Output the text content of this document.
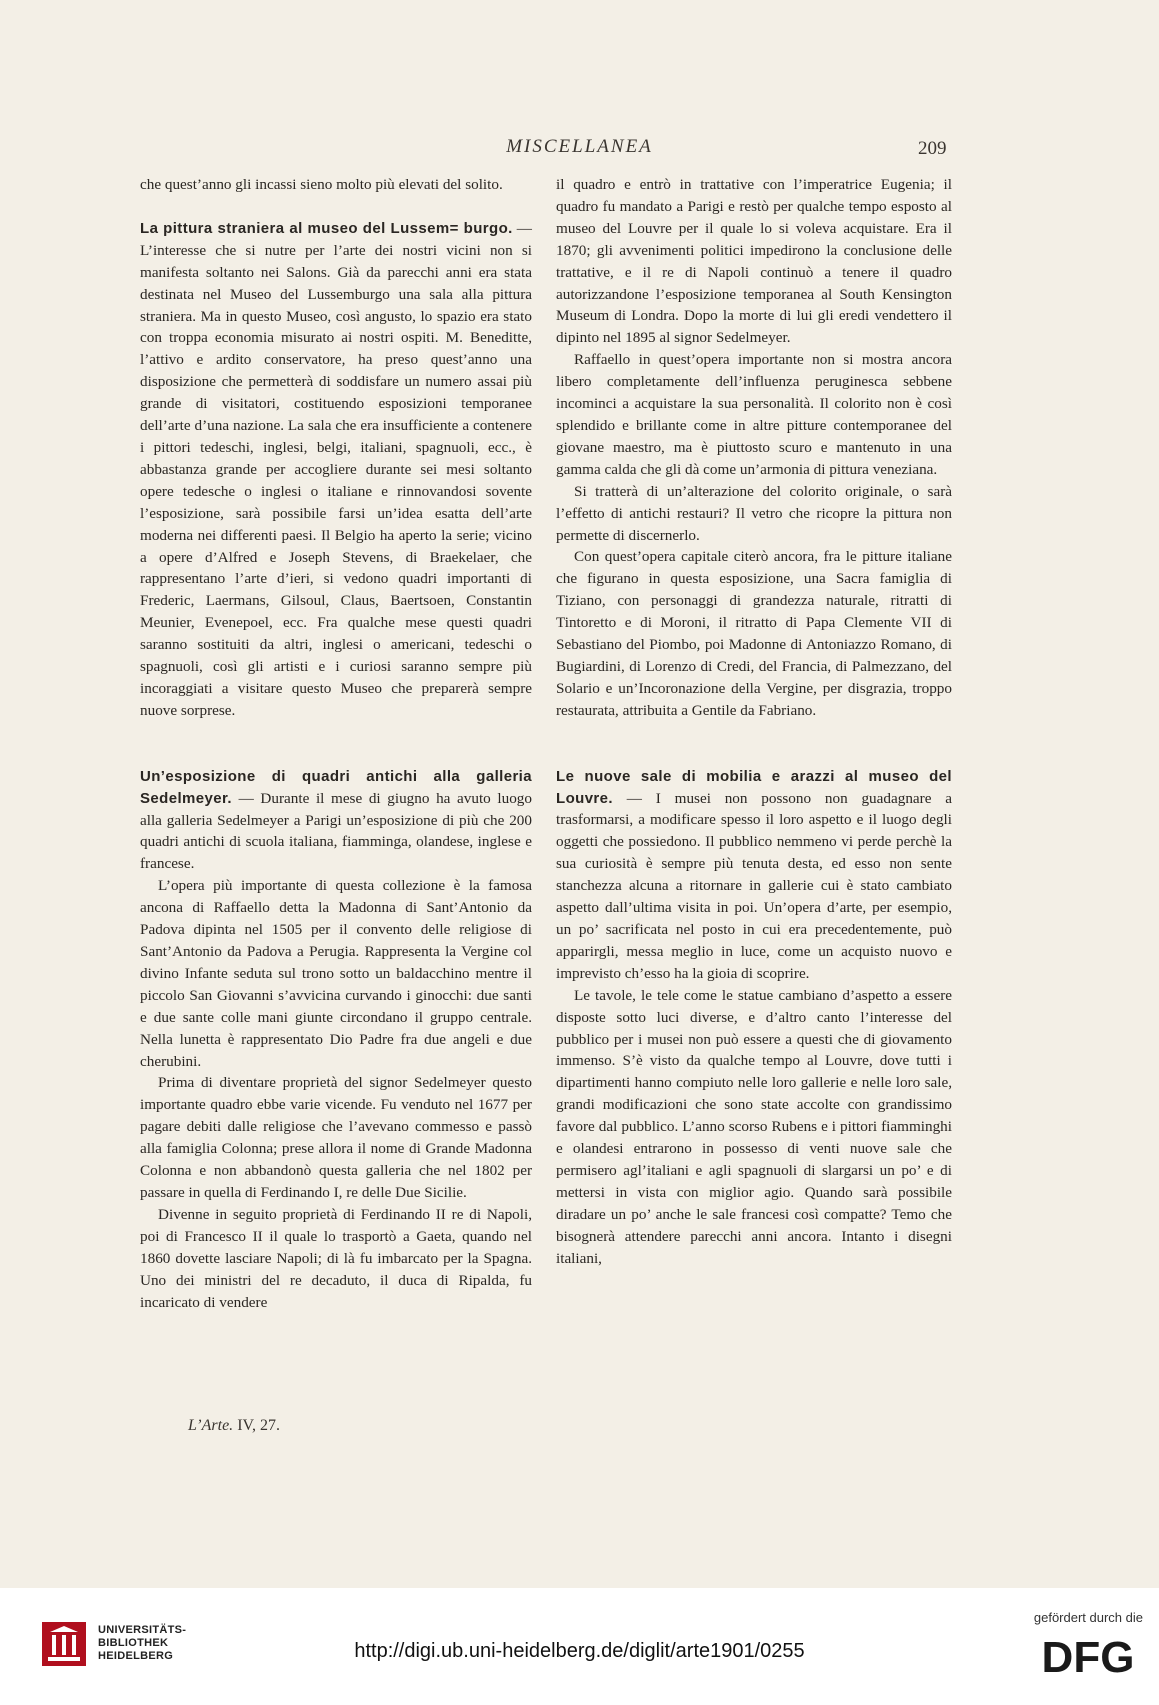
MISCELLANEA	209

che quest’anno gli incassi sieno molto più elevati del solito.

La pittura straniera al museo del Lussem= burgo. — L’interesse che si nutre per l’arte dei nostri vicini non si manifesta soltanto nei Salons. Già da parecchi anni era stata destinata nel Museo del Lussemburgo una sala alla pittura straniera. Ma in questo Museo, così angusto, lo spazio era stato con troppa economia misurato ai nostri ospiti. M. Beneditte, l’attivo e ardito conservatore, ha preso quest’anno una disposizione che permetterà di soddisfare un numero assai più grande di visitatori, costituendo esposizioni temporanee dell’arte d’una nazione. La sala che era insufficiente a contenere i pittori tedeschi, inglesi, belgi, italiani, spagnuoli, ecc., è abbastanza grande per accogliere durante sei mesi soltanto opere tedesche o inglesi o italiane e rinnovandosi sovente l’esposizione, sarà possibile farsi un’idea esatta dell’arte moderna nei differenti paesi. Il Belgio ha aperto la serie; vicino a opere d’Alfred e Joseph Stevens, di Braekelaer, che rappresentano l’arte d’ieri, si vedono quadri importanti di Frederic, Laermans, Gilsoul, Claus, Baertsoen, Constantin Meunier, Evenepoel, ecc. Fra qualche mese questi quadri saranno sostituiti da altri, inglesi o americani, tedeschi o spagnuoli, così gli artisti e i curiosi saranno sempre più incoraggiati a visitare questo Museo che preparerà sempre nuove sorprese.

Un’esposizione di quadri antichi alla galleria Sedelmeyer. — Durante il mese di giugno ha avuto luogo alla galleria Sedelmeyer a Parigi un’esposizione di più che 200 quadri antichi di scuola italiana, fiamminga, olandese, inglese e francese.

L’opera più importante di questa collezione è la famosa ancona di Raffaello detta la Madonna di Sant’Antonio da Padova dipinta nel 1505 per il convento delle religiose di Sant’Antonio da Padova a Perugia. Rappresenta la Vergine col divino Infante seduta sul trono sotto un baldacchino mentre il piccolo San Giovanni s’avvicina curvando i ginocchi: due santi e due sante colle mani giunte circondano il gruppo centrale. Nella lunetta è rappresentato Dio Padre fra due angeli e due cherubini.

Prima di diventare proprietà del signor Sedelmeyer questo importante quadro ebbe varie vicende. Fu venduto nel 1677 per pagare debiti dalle religiose che l’avevano commesso e passò alla famiglia Colonna; prese allora il nome di Grande Madonna Colonna e non abbandonò questa galleria che nel 1802 per passare in quella di Ferdinando I, re delle Due Sicilie.

Divenne in seguito proprietà di Ferdinando II re di Napoli, poi di Francesco II il quale lo trasportò a Gaeta, quando nel 1860 dovette lasciare Napoli; di là fu imbarcato per la Spagna. Uno dei ministri del re decaduto, il duca di Ripalda, fu incaricato di vendere

il quadro e entrò in trattative con l’imperatrice Eugenia; il quadro fu mandato a Parigi e restò per qualche tempo esposto al museo del Louvre per il quale lo si voleva acquistare. Era il 1870; gli avvenimenti politici impedirono la conclusione delle trattative, e il re di Napoli continuò a tenere il quadro autorizzandone l’esposizione temporanea al South Kensington Museum di Londra. Dopo la morte di lui gli eredi vendettero il dipinto nel 1895 al signor Sedelmeyer.

Raffaello in quest’opera importante non si mostra ancora libero completamente dell’influenza peruginesca sebbene incominci a acquistare la sua personalità. Il colorito non è così splendido e brillante come in altre pitture contemporanee del giovane maestro, ma è piuttosto scuro e mantenuto in una gamma calda che gli dà come un’armonia di pittura veneziana.

Si tratterà di un’alterazione del colorito originale, o sarà l’effetto di antichi restauri? Il vetro che ricopre la pittura non permette di discernerlo.

Con quest’opera capitale citerò ancora, fra le pitture italiane che figurano in questa esposizione, una Sacra famiglia di Tiziano, con personaggi di grandezza naturale, ritratti di Tintoretto e di Moroni, il ritratto di Papa Clemente VII di Sebastiano del Piombo, poi Madonne di Antoniazzo Romano, di Bugiardini, di Lorenzo di Credi, del Francia, di Palmezzano, del Solario e un’Incoronazione della Vergine, per disgrazia, troppo restaurata, attribuita a Gentile da Fabriano.

Le nuove sale di mobilia e arazzi al museo del Louvre. — I musei non possono non guadagnare a trasformarsi, a modificare spesso il loro aspetto e il luogo degli oggetti che possiedono. Il pubblico nemmeno vi perde perchè la sua curiosità è sempre più tenuta desta, ed esso non sente stanchezza alcuna a ritornare in gallerie cui è stato cambiato aspetto dall’ultima visita in poi. Un’opera d’arte, per esempio, un po’ sacrificata nel posto in cui era precedentemente, può apparirgli, messa meglio in luce, come un acquisto nuovo e imprevisto ch’esso ha la gioia di scoprire.

Le tavole, le tele come le statue cambiano d’aspetto a essere disposte sotto luci diverse, e d’altro canto l’interesse del pubblico per i musei non può essere a questi che di giovamento immenso. S’è visto da qualche tempo al Louvre, dove tutti i dipartimenti hanno compiuto nelle loro gallerie e nelle loro sale, grandi modificazioni che sono state accolte con grandissimo favore dal pubblico. L’anno scorso Rubens e i pittori fiamminghi e olandesi entrarono in possesso di venti nuove sale che permisero agl’italiani e agli spagnuoli di slargarsi un po’ e di mettersi in vista con miglior agio. Quando sarà possibile diradare un po’ anche le sale francesi così compatte? Temo che bisognerà attendere parecchi anni ancora. Intanto i disegni italiani,

L’Arte. IV, 27.
UNIVERSITÄTS-
BIBLIOTHEK
HEIDELBERG	http://digi.ub.uni-heidelberg.de/diglit/arte1901/0255
gefördert durch die
DFG
